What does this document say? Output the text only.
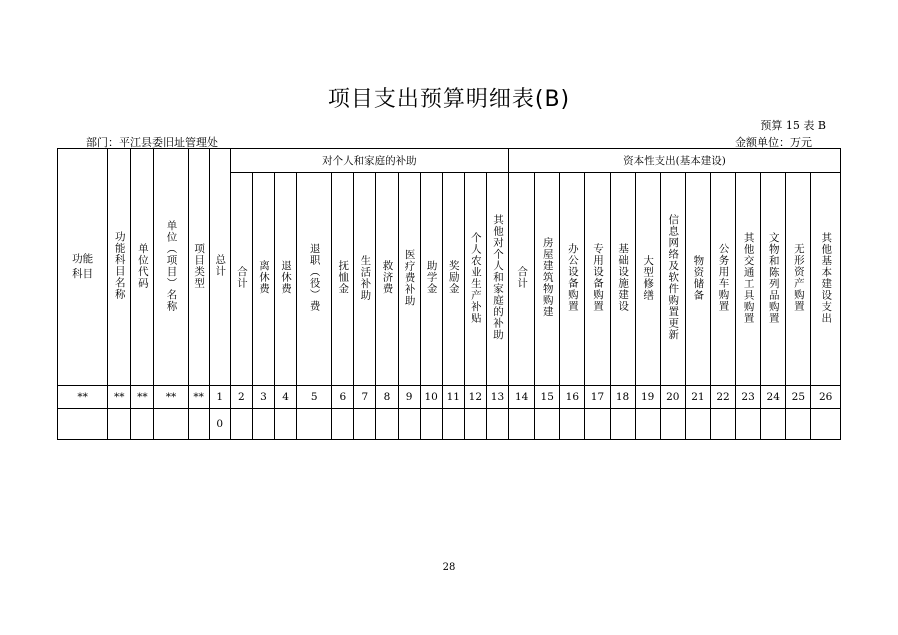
项目支出预算明细表(B)
预算 15 表 B
部门：平江县委旧址管理处	金额单位：万元
功能
科目	功能科目名称	单位代码	单位（项目）名称	项目类型	总计	对个人和家庭的补助												资本性支出(基本建设)												
						合计	离休费	退休费	退职（役）费	抚恤金	生活补助	救济费	医疗费补助	助学金	奖励金	个人农业生产补贴	其他对个人和家庭的补助	合计	房屋建筑物购建	办公设备购置	专用设备购置	基础设施建设	大型修缮	信息网络及软件购置更新	物资储备	公务用车购置	其他交通工具购置	文物和陈列品购置	无形资产购置	其他基本建设支出
**	**	**	**	**	1	2	3	4	5	6	7	8	9	10	11	12	13	14	15	16	17	18	19	20	21	22	23	24	25	26
					0																									
28
